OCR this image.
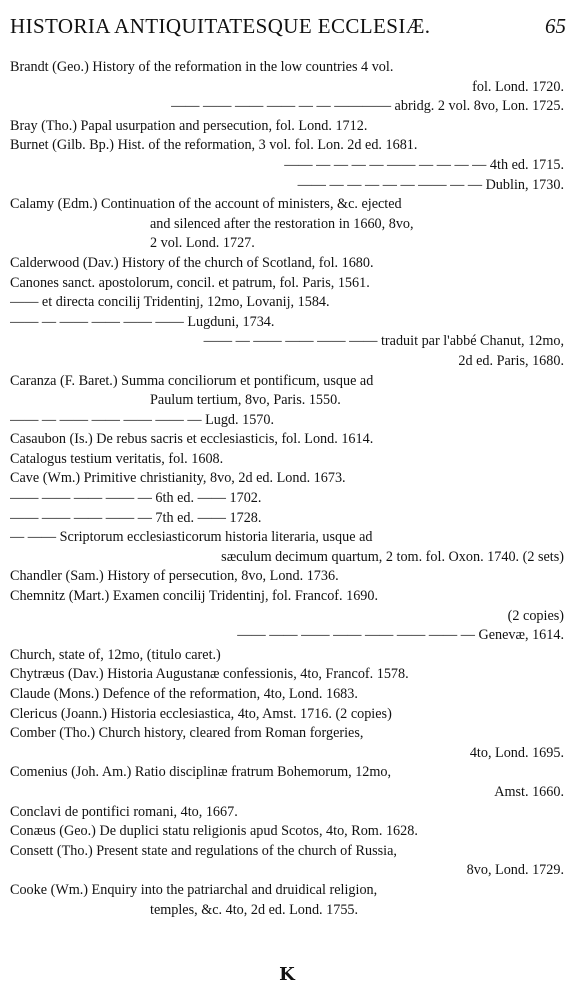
HISTORIA ANTIQUITATESQUE ECCLESIÆ.	65
Brandt (Geo.) History of the reformation in the low countries 4 vol.
fol. Lond. 1720.
—— —— —— —— — — ———— abridg. 2 vol. 8vo, Lon. 1725.
Bray (Tho.) Papal usurpation and persecution, fol. Lond. 1712.
Burnet (Gilb. Bp.) Hist. of the reformation, 3 vol. fol. Lon. 2d ed. 1681.
—— — — — — —— — — — — 4th ed. 1715.
—— — — — — — —— — — Dublin, 1730.
Calamy (Edm.) Continuation of the account of ministers, &c. ejected
and silenced after the restoration in 1660, 8vo,
2 vol. Lond. 1727.
Calderwood (Dav.) History of the church of Scotland, fol. 1680.
Canones sanct. apostolorum, concil. et patrum, fol. Paris, 1561.
—— et directa concilij Tridentinj, 12mo, Lovanij, 1584.
—— — —— —— —— —— Lugduni, 1734.
—— — —— —— —— —— traduit par l'abbé Chanut, 12mo,
2d ed. Paris, 1680.
Caranza (F. Baret.) Summa conciliorum et pontificum, usque ad
Paulum tertium, 8vo, Paris. 1550.
—— — —— —— —— —— — Lugd. 1570.
Casaubon (Is.) De rebus sacris et ecclesiasticis, fol. Lond. 1614.
Catalogus testium veritatis, fol. 1608.
Cave (Wm.) Primitive christianity, 8vo, 2d ed. Lond. 1673.
—— —— —— —— — 6th ed. —— 1702.
—— —— —— —— — 7th ed. —— 1728.
— —— Scriptorum ecclesiasticorum historia literaria, usque ad
sæculum decimum quartum, 2 tom. fol. Oxon. 1740. (2 sets)
Chandler (Sam.) History of persecution, 8vo, Lond. 1736.
Chemnitz (Mart.) Examen concilij Tridentinj, fol. Francof. 1690.
(2 copies)
—— —— —— —— —— —— —— — Genevæ, 1614.
Church, state of, 12mo, (titulo caret.)
Chytræus (Dav.) Historia Augustanæ confessionis, 4to, Francof. 1578.
Claude (Mons.) Defence of the reformation, 4to, Lond. 1683.
Clericus (Joann.) Historia ecclesiastica, 4to, Amst. 1716. (2 copies)
Comber (Tho.) Church history, cleared from Roman forgeries,
4to, Lond. 1695.
Comenius (Joh. Am.) Ratio disciplinæ fratrum Bohemorum, 12mo,
Amst. 1660.
Conclavi de pontifici romani, 4to, 1667.
Conæus (Geo.) De duplici statu religionis apud Scotos, 4to, Rom. 1628.
Consett (Tho.) Present state and regulations of the church of Russia,
8vo, Lond. 1729.
Cooke (Wm.) Enquiry into the patriarchal and druidical religion,
temples, &c. 4to, 2d ed. Lond. 1755.
K
